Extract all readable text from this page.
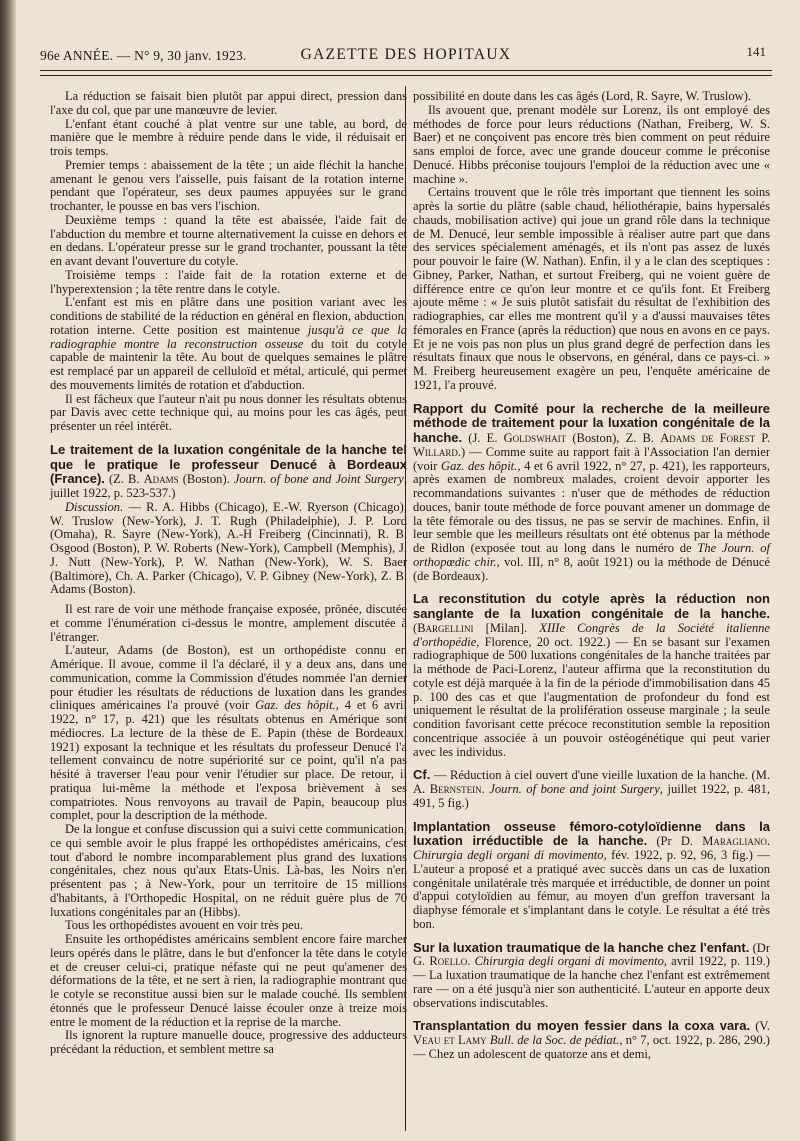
96e ANNÉE. — N° 9, 30 janv. 1923.	GAZETTE DES HOPITAUX	141

La réduction se faisait bien plutôt par appui direct, pression dans l'axe du col, que par une manœuvre de levier.

L'enfant étant couché à plat ventre sur une table, au bord, de manière que le membre à réduire pende dans le vide, il réduisait en trois temps.

Premier temps : abaissement de la tête ; un aide fléchit la hanche, amenant le genou vers l'aisselle, puis faisant de la rotation interne, pendant que l'opérateur, ses deux paumes appuyées sur le grand trochanter, le pousse en bas vers l'ischion.

Deuxième temps : quand la tête est abaissée, l'aide fait de l'abduction du membre et tourne alternativement la cuisse en dehors et en dedans. L'opérateur presse sur le grand trochanter, poussant la tête en avant devant l'ouverture du cotyle.

Troisième temps : l'aide fait de la rotation externe et de l'hyperextension ; la tête rentre dans le cotyle.

L'enfant est mis en plâtre dans une position variant avec les conditions de stabilité de la réduction en général en flexion, abduction, rotation interne. Cette position est maintenue jusqu'à ce que la radiographie montre la reconstruction osseuse du toit du cotyle capable de maintenir la tête. Au bout de quelques semaines le plâtre est remplacé par un appareil de celluloïd et métal, articulé, qui permet des mouvements limités de rotation et d'abduction.

Il est fâcheux que l'auteur n'ait pu nous donner les résultats obtenus par Davis avec cette technique qui, au moins pour les cas âgés, peut présenter un réel intérêt.

Le traitement de la luxation congénitale de la hanche tel que le pratique le professeur Denucé à Bordeaux (France). (Z. B. Adams (Boston). Journ. of bone and Joint Surgery, juillet 1922, p. 523-537.)

Discussion. — R. A. Hibbs (Chicago), E.-W. Ryerson (Chicago), W. Truslow (New-York), J. T. Rugh (Philadelphie), J. P. Lord (Omaha), R. Sayre (New-York), A.-H Freiberg (Cincinnati), R. B. Osgood (Boston), P. W. Roberts (New-York), Campbell (Memphis), J. J. Nutt (New-York), P. W. Nathan (New-York), W. S. Baer (Baltimore), Ch. A. Parker (Chicago), V. P. Gibney (New-York), Z. B. Adams (Boston).

Il est rare de voir une méthode française exposée, prônée, discutée et comme l'énumération ci-dessus le montre, amplement discutée à l'étranger.

L'auteur, Adams (de Boston), est un orthopédiste connu en Amérique. Il avoue, comme il l'a déclaré, il y a deux ans, dans une communication, comme la Commission d'études nommée l'an dernier pour étudier les résultats de réductions de luxation dans les grandes cliniques américaines l'a prouvé (voir Gaz. des hôpit., 4 et 6 avril 1922, n° 17, p. 421) que les résultats obtenus en Amérique sont médiocres. La lecture de la thèse de E. Papin (thèse de Bordeaux, 1921) exposant la technique et les résultats du professeur Denucé l'a tellement convaincu de notre supériorité sur ce point, qu'il n'a pas hésité à traverser l'eau pour venir l'étudier sur place. De retour, il pratiqua lui-même la méthode et l'exposa brièvement à ses compatriotes. Nous renvoyons au travail de Papin, beaucoup plus complet, pour la description de la méthode.

De la longue et confuse discussion qui a suivi cette communication, ce qui semble avoir le plus frappé les orthopédistes américains, c'est tout d'abord le nombre incomparablement plus grand des luxations congénitales, chez nous qu'aux Etats-Unis. Là-bas, les Noirs n'en présentent pas ; à New-York, pour un territoire de 15 millions d'habitants, à l'Orthopedic Hospital, on ne réduit guère plus de 70 luxations congénitales par an (Hibbs).

Tous les orthopédistes avouent en voir très peu.

Ensuite les orthopédistes américains semblent encore faire marcher leurs opérés dans le plâtre, dans le but d'enfoncer la tête dans le cotyle et de creuser celui-ci, pratique néfaste qui ne peut qu'amener des déformations de la tête, et ne sert à rien, la radiographie montrant que le cotyle se reconstitue aussi bien sur le malade couché. Ils semblent étonnés que le professeur Denucé laisse écouler onze à treize mois entre le moment de la réduction et la reprise de la marche.

Ils ignorent la rupture manuelle douce, progressive des adducteurs précédant la réduction, et semblent mettre sa

possibilité en doute dans les cas âgés (Lord, R. Sayre, W. Truslow).

Ils avouent que, prenant modèle sur Lorenz, ils ont employé des méthodes de force pour leurs réductions (Nathan, Freiberg, W. S. Baer) et ne conçoivent pas encore très bien comment on peut réduire sans emploi de force, avec une grande douceur comme le préconise Denucé. Hibbs préconise toujours l'emploi de la réduction avec une « machine ».

Certains trouvent que le rôle très important que tiennent les soins après la sortie du plâtre (sable chaud, héliothérapie, bains hypersalés chauds, mobilisation active) qui joue un grand rôle dans la technique de M. Denucé, leur semble impossible à réaliser autre part que dans des services spécialement aménagés, et ils n'ont pas assez de luxés pour pouvoir le faire (W. Nathan). Enfin, il y a le clan des sceptiques : Gibney, Parker, Nathan, et surtout Freiberg, qui ne voient guère de différence entre ce qu'on leur montre et ce qu'ils font. Et Freiberg ajoute même : « Je suis plutôt satisfait du résultat de l'exhibition des radiographies, car elles me montrent qu'il y a d'aussi mauvaises têtes fémorales en France (après la réduction) que nous en avons en ce pays. Et je ne vois pas non plus un plus grand degré de perfection dans les résultats finaux que nous le observons, en général, dans ce pays-ci. » M. Freiberg heureusement exagère un peu, l'enquête américaine de 1921, l'a prouvé.

Rapport du Comité pour la recherche de la meilleure méthode de traitement pour la luxation congénitale de la hanche. (J. E. Goldswhait (Boston), Z. B. Adams de Forest P. Willard.) — Comme suite au rapport fait à l'Association l'an dernier (voir Gaz. des hôpit., 4 et 6 avril 1922, n° 27, p. 421), les rapporteurs, après examen de nombreux malades, croient devoir apporter les recommandations suivantes : n'user que de méthodes de réduction douces, banir toute méthode de force pouvant amener un dommage de la tête fémorale ou des tissus, ne pas se servir de machines. Enfin, il leur semble que les meilleurs résultats ont été obtenus par la méthode de Ridlon (exposée tout au long dans le numéro de The Journ. of orthopœdic chir., vol. III, n° 8, août 1921) ou la méthode de Dénucé (de Bordeaux).

La reconstitution du cotyle après la réduction non sanglante de la luxation congénitale de la hanche. (Bargellini [Milan]. XIIIe Congrès de la Société italienne d'orthopédie, Florence, 20 oct. 1922.) — En se basant sur l'examen radiographique de 500 luxations congénitales de la hanche traitées par la méthode de Paci-Lorenz, l'auteur affirma que la reconstitution du cotyle est déjà marquée à la fin de la période d'immobilisation dans 45 p. 100 des cas et que l'augmentation de profondeur du fond est uniquement le résultat de la prolifération osseuse marginale ; la seule condition favorisant cette précoce reconstitution semble la reposition concentrique associée à un pouvoir ostéogénétique qui peut varier avec les individus.

Cf. — Réduction à ciel ouvert d'une vieille luxation de la hanche. (M. A. Bernstein. Journ. of bone and joint Surgery, juillet 1922, p. 481, 491, 5 fig.)

Implantation osseuse fémoro-cotyloïdienne dans la luxation irréductible de la hanche. (Pr D. Maragliano. Chirurgia degli organi di movimento, fév. 1922, p. 92, 96, 3 fig.) — L'auteur a proposé et a pratiqué avec succès dans un cas de luxation congénitale unilatérale très marquée et irréductible, de donner un point d'appui cotyloïdien au fémur, au moyen d'un greffon traversant la diaphyse fémorale et s'implantant dans le cotyle. Le résultat a été très bon.

Sur la luxation traumatique de la hanche chez l'enfant. (Dr G. Roello. Chirurgia degli organi di movimento, avril 1922, p. 119.) — La luxation traumatique de la hanche chez l'enfant est extrêmement rare — on a été jusqu'à nier son authenticité. L'auteur en apporte deux observations indiscutables.

Transplantation du moyen fessier dans la coxa vara. (V. Veau et Lamy Bull. de la Soc. de pédiat., n° 7, oct. 1922, p. 286, 290.) — Chez un adolescent de quatorze ans et demi,
